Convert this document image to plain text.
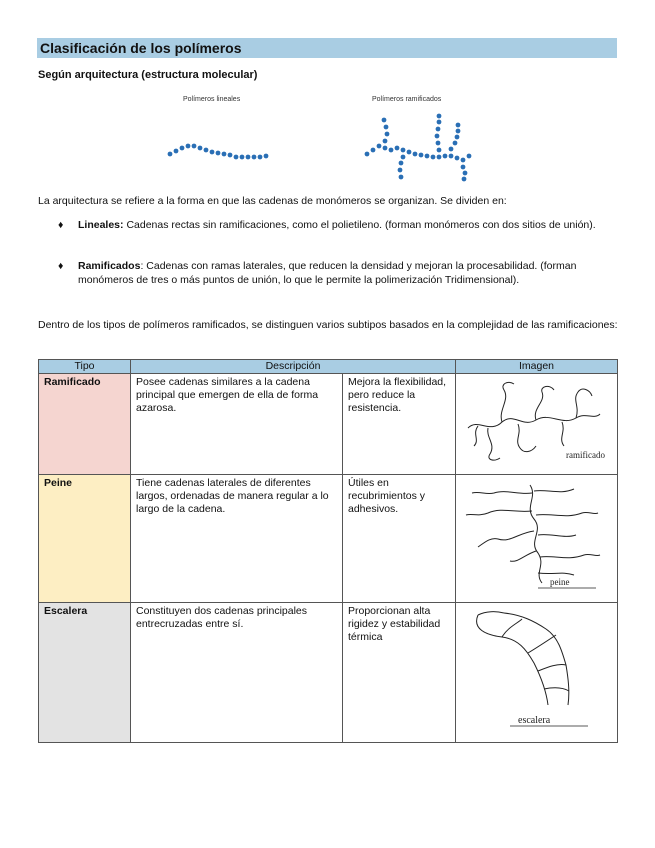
Clasificación de los polímeros
Según arquitectura (estructura molecular)
Polímeros lineales	Polímeros ramificados
La arquitectura se refiere a la forma en que las cadenas de monómeros se organizan. Se dividen en:
♦ Lineales: Cadenas rectas sin ramificaciones, como el polietileno. (forman monómeros con dos sitios de unión).
♦ Ramificados: Cadenas con ramas laterales, que reducen la densidad y mejoran la procesabilidad. (forman monómeros de tres o más puntos de unión, lo que le permite la polimerización Tridimensional).
Dentro de los tipos de polímeros ramificados, se distinguen varios subtipos basados en la complejidad de las ramificaciones:
Tipo	Descripción		Imagen
Ramificado	Posee cadenas similares a la cadena principal que emergen de ella de forma azarosa.	Mejora la flexibilidad, pero reduce la resistencia.	ramificado

Peine	Tiene cadenas laterales de diferentes largos, ordenadas de manera regular a lo largo de la cadena.	Útiles en recubrimientos y adhesivos.	peine

Escalera	Constituyen dos cadenas principales entrecruzadas entre sí.	Proporcionan alta rigidez y estabilidad térmica	escalera
